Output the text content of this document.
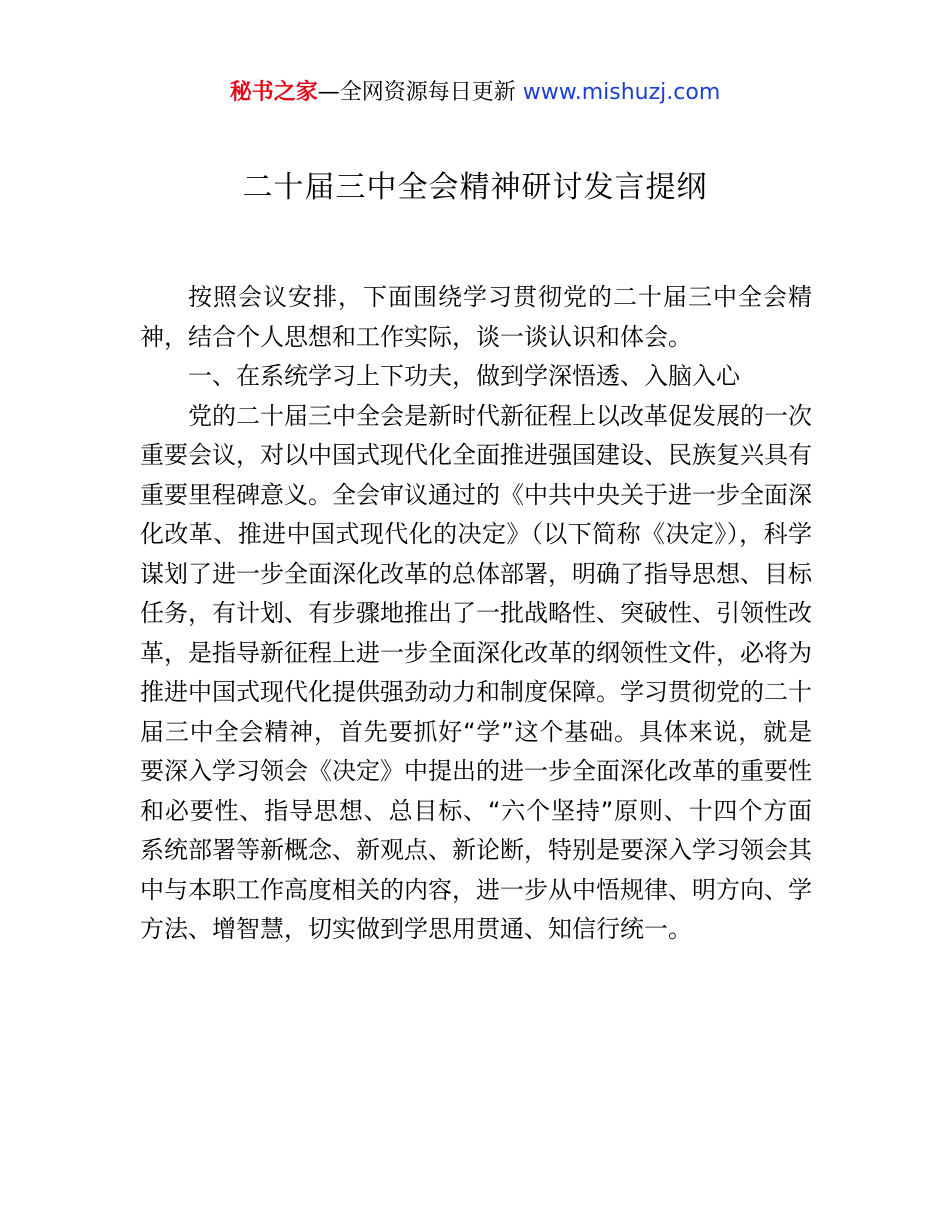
秘书之家—全网资源每日更新 www.mishuzj.com
二十届三中全会精神研讨发言提纲

按照会议安排，下面围绕学习贯彻党的二十届三中全会精神，结合个人思想和工作实际，谈一谈认识和体会。

一、在系统学习上下功夫，做到学深悟透、入脑入心

党的二十届三中全会是新时代新征程上以改革促发展的一次重要会议，对以中国式现代化全面推进强国建设、民族复兴具有重要里程碑意义。全会审议通过的《中共中央关于进一步全面深化改革、推进中国式现代化的决定》（以下简称《决定》），科学谋划了进一步全面深化改革的总体部署，明确了指导思想、目标任务，有计划、有步骤地推出了一批战略性、突破性、引领性改革，是指导新征程上进一步全面深化改革的纲领性文件，必将为推进中国式现代化提供强劲动力和制度保障。学习贯彻党的二十届三中全会精神，首先要抓好“学”这个基础。具体来说，就是要深入学习领会《决定》中提出的进一步全面深化改革的重要性和必要性、指导思想、总目标、“六个坚持”原则、十四个方面系统部署等新概念、新观点、新论断，特别是要深入学习领会其中与本职工作高度相关的内容，进一步从中悟规律、明方向、学方法、增智慧，切实做到学思用贯通、知信行统一。
